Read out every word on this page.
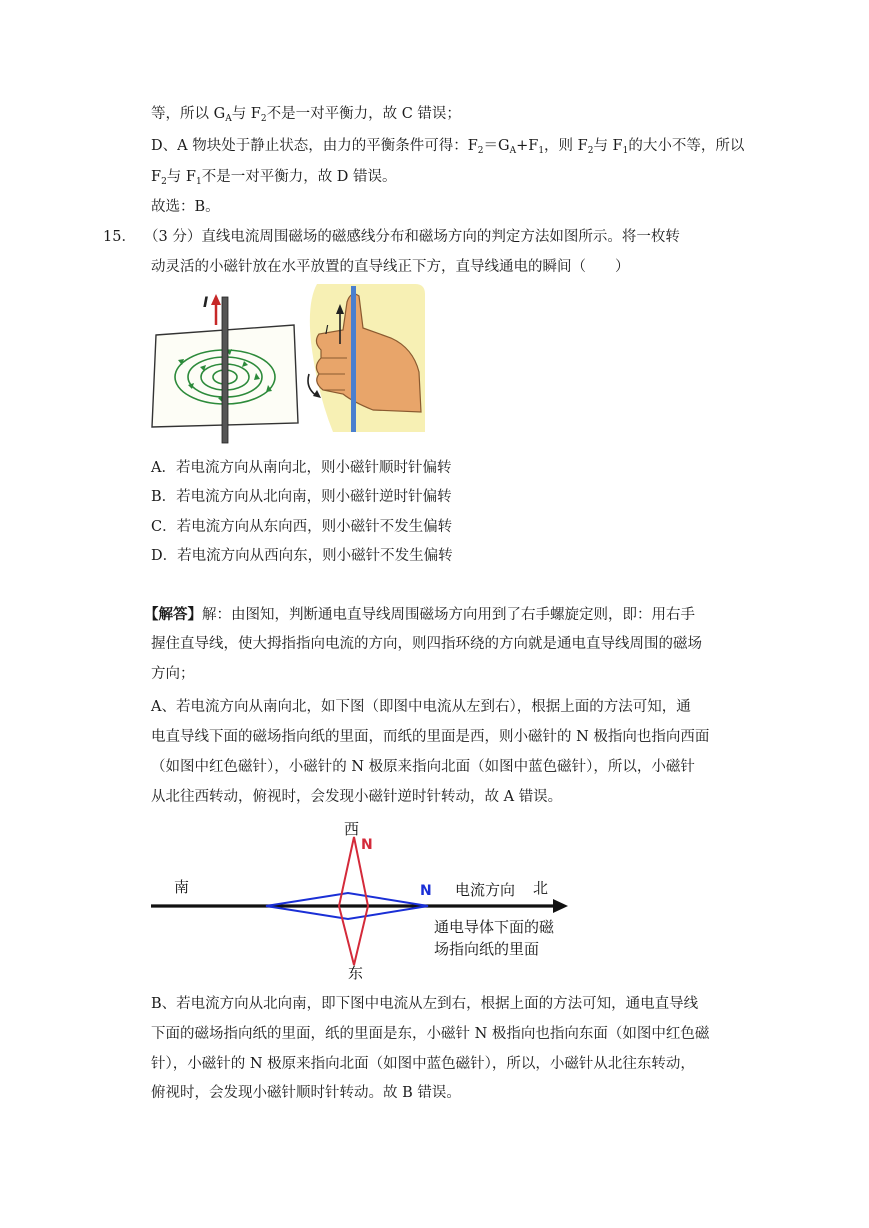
等，所以 $G_A$与 $F_2$不是一对平衡力，故 C 错误；
D、A 物块处于静止状态，由力的平衡条件可得：$F_2=G_A+F_1$，则 $F_2$与 $F_1$的大小不等，所以
$F_2$与 $F_1$不是一对平衡力，故 D 错误。
故选：B。
15． （3 分）直线电流周围磁场的磁感线分布和磁场方向的判定方法如图所示。将一枚转
动灵活的小磁针放在水平放置的直导线正下方，直导线通电的瞬间（　　）
I
I
A．若电流方向从南向北，则小磁针顺时针偏转
B．若电流方向从北向南，则小磁针逆时针偏转
C．若电流方向从东向西，则小磁针不发生偏转
D．若电流方向从西向东，则小磁针不发生偏转
【解答】解：由图知，判断通电直导线周围磁场方向用到了右手螺旋定则，即：用右手
握住直导线，使大拇指指向电流的方向，则四指环绕的方向就是通电直导线周围的磁场
方向；
A、若电流方向从南向北，如下图（即图中电流从左到右），根据上面的方法可知，通
电直导线下面的磁场指向纸的里面，而纸的里面是西，则小磁针的 N 极指向也指向西面
（如图中红色磁针），小磁针的 N 极原来指向北面（如图中蓝色磁针），所以，小磁针
从北往西转动，俯视时，会发现小磁针逆时针转动，故 A 错误。
西
N
南	N 电流方向 北
通电导体下面的磁
场指向纸的里面
东
B、若电流方向从北向南，即下图中电流从左到右，根据上面的方法可知，通电直导线
下面的磁场指向纸的里面，纸的里面是东，小磁针 N 极指向也指向东面（如图中红色磁
针），小磁针的 N 极原来指向北面（如图中蓝色磁针），所以，小磁针从北往东转动，
俯视时，会发现小磁针顺时针转动。故 B 错误。
